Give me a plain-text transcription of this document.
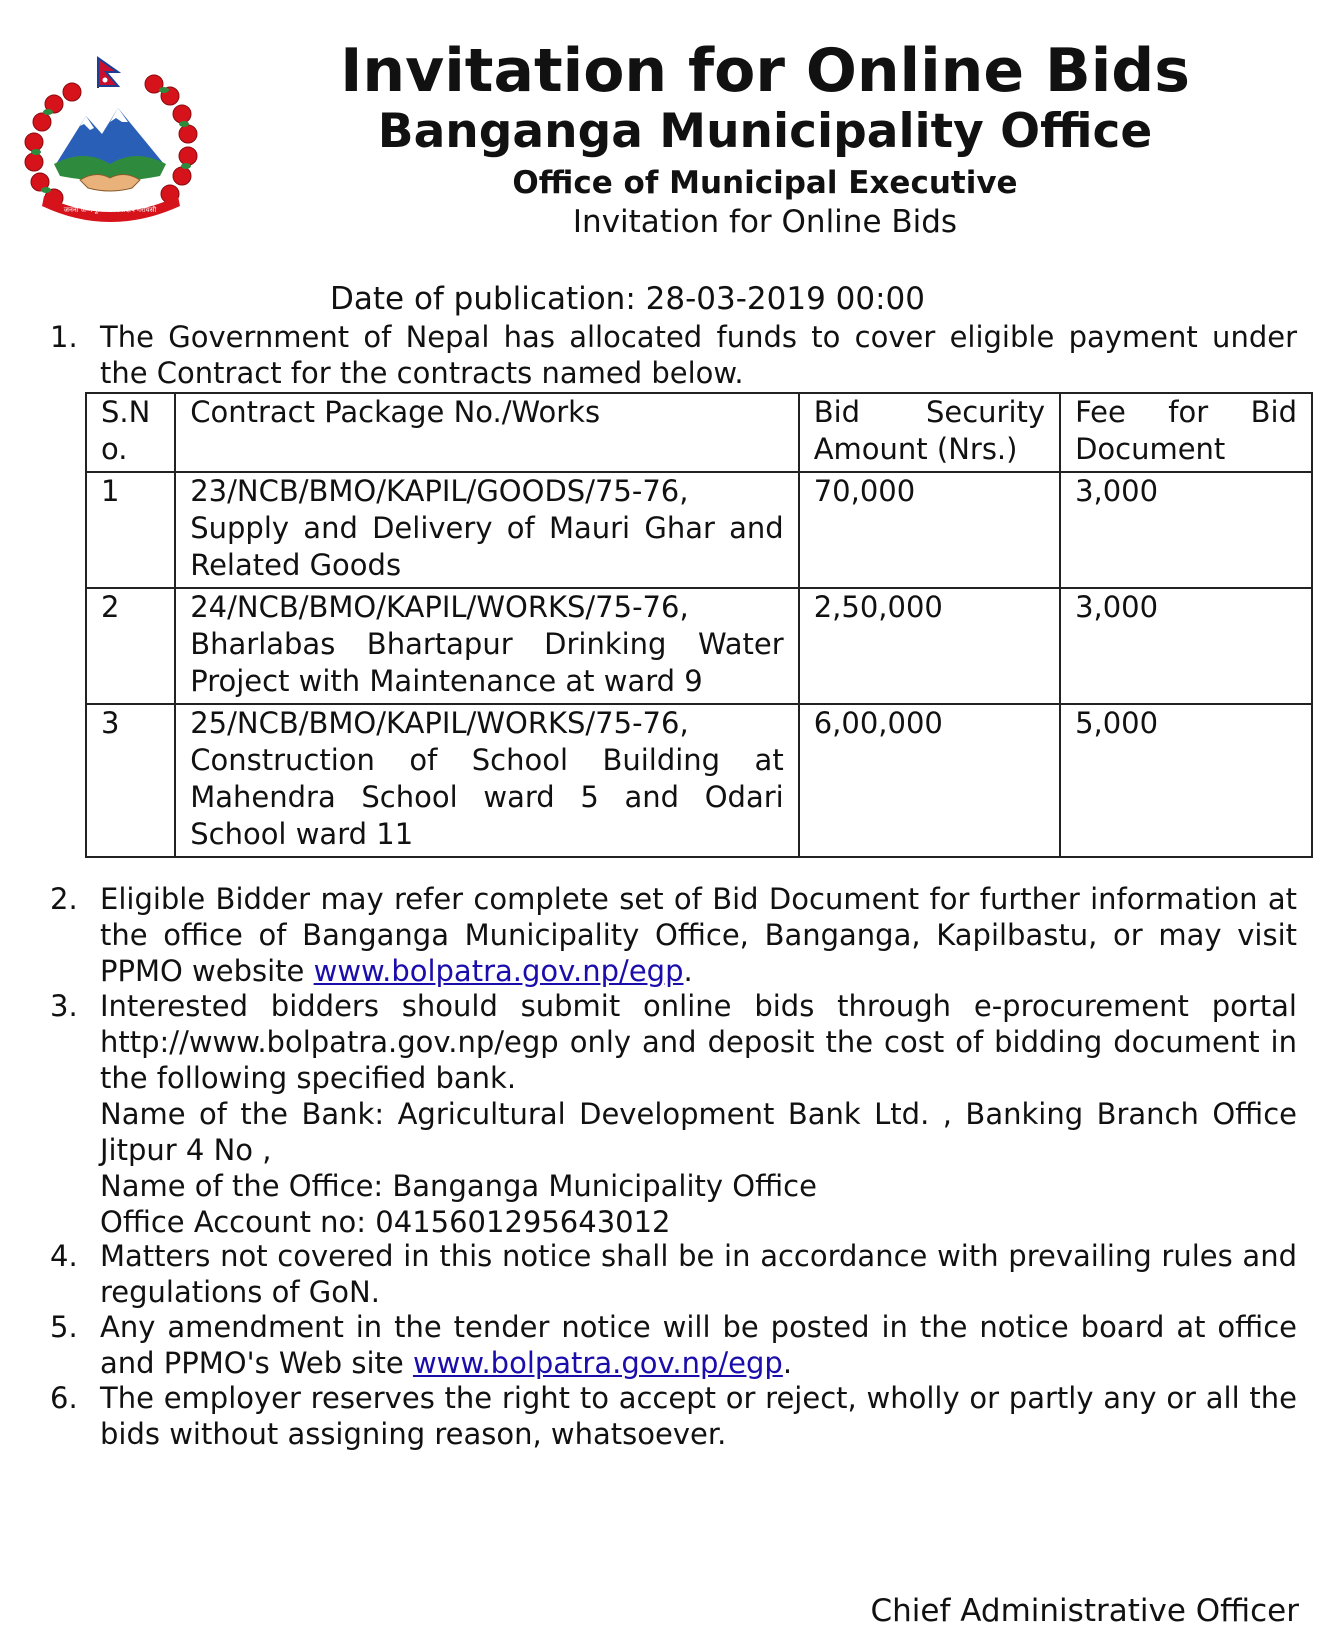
जननी जन्मभूमिश्च स्वर्गादपि गरीयसी
Invitation for Online Bids
Banganga Municipality Office
Office of Municipal Executive
Invitation for Online Bids
Date of publication: 28-03-2019 00:00
1. The Government of Nepal has allocated funds to cover eligible payment under the Contract for the contracts named below.

S.No.	Contract Package No./Works	Bid Security Amount (Nrs.)	Fee for Bid Document
1	23/NCB/BMO/KAPIL/GOODS/75-76, Supply and Delivery of Mauri Ghar and Related Goods	70,000	3,000
2	24/NCB/BMO/KAPIL/WORKS/75-76, Bharlabas Bhartapur Drinking Water Project with Maintenance at ward 9	2,50,000	3,000
3	25/NCB/BMO/KAPIL/WORKS/75-76, Construction of School Building at Mahendra School ward 5 and Odari School ward 11	6,00,000	5,000
2. Eligible Bidder may refer complete set of Bid Document for further information at the office of Banganga Municipality Office, Banganga, Kapilbastu, or may visit PPMO website www.bolpatra.gov.np/egp.

3. Interested bidders should submit online bids through e-procurement portal http://www.bolpatra.gov.np/egp only and deposit the cost of bidding document in the following specified bank.

Name of the Bank: Agricultural Development Bank Ltd. , Banking Branch Office Jitpur 4 No ,

Name of the Office: Banganga Municipality Office

Office Account no: 0415601295643012

4. Matters not covered in this notice shall be in accordance with prevailing rules and regulations of GoN.

5. Any amendment in the tender notice will be posted in the notice board at office and PPMO's Web site www.bolpatra.gov.np/egp.

6. The employer reserves the right to accept or reject, wholly or partly any or all the bids without assigning reason, whatsoever.

Chief Administrative Officer
